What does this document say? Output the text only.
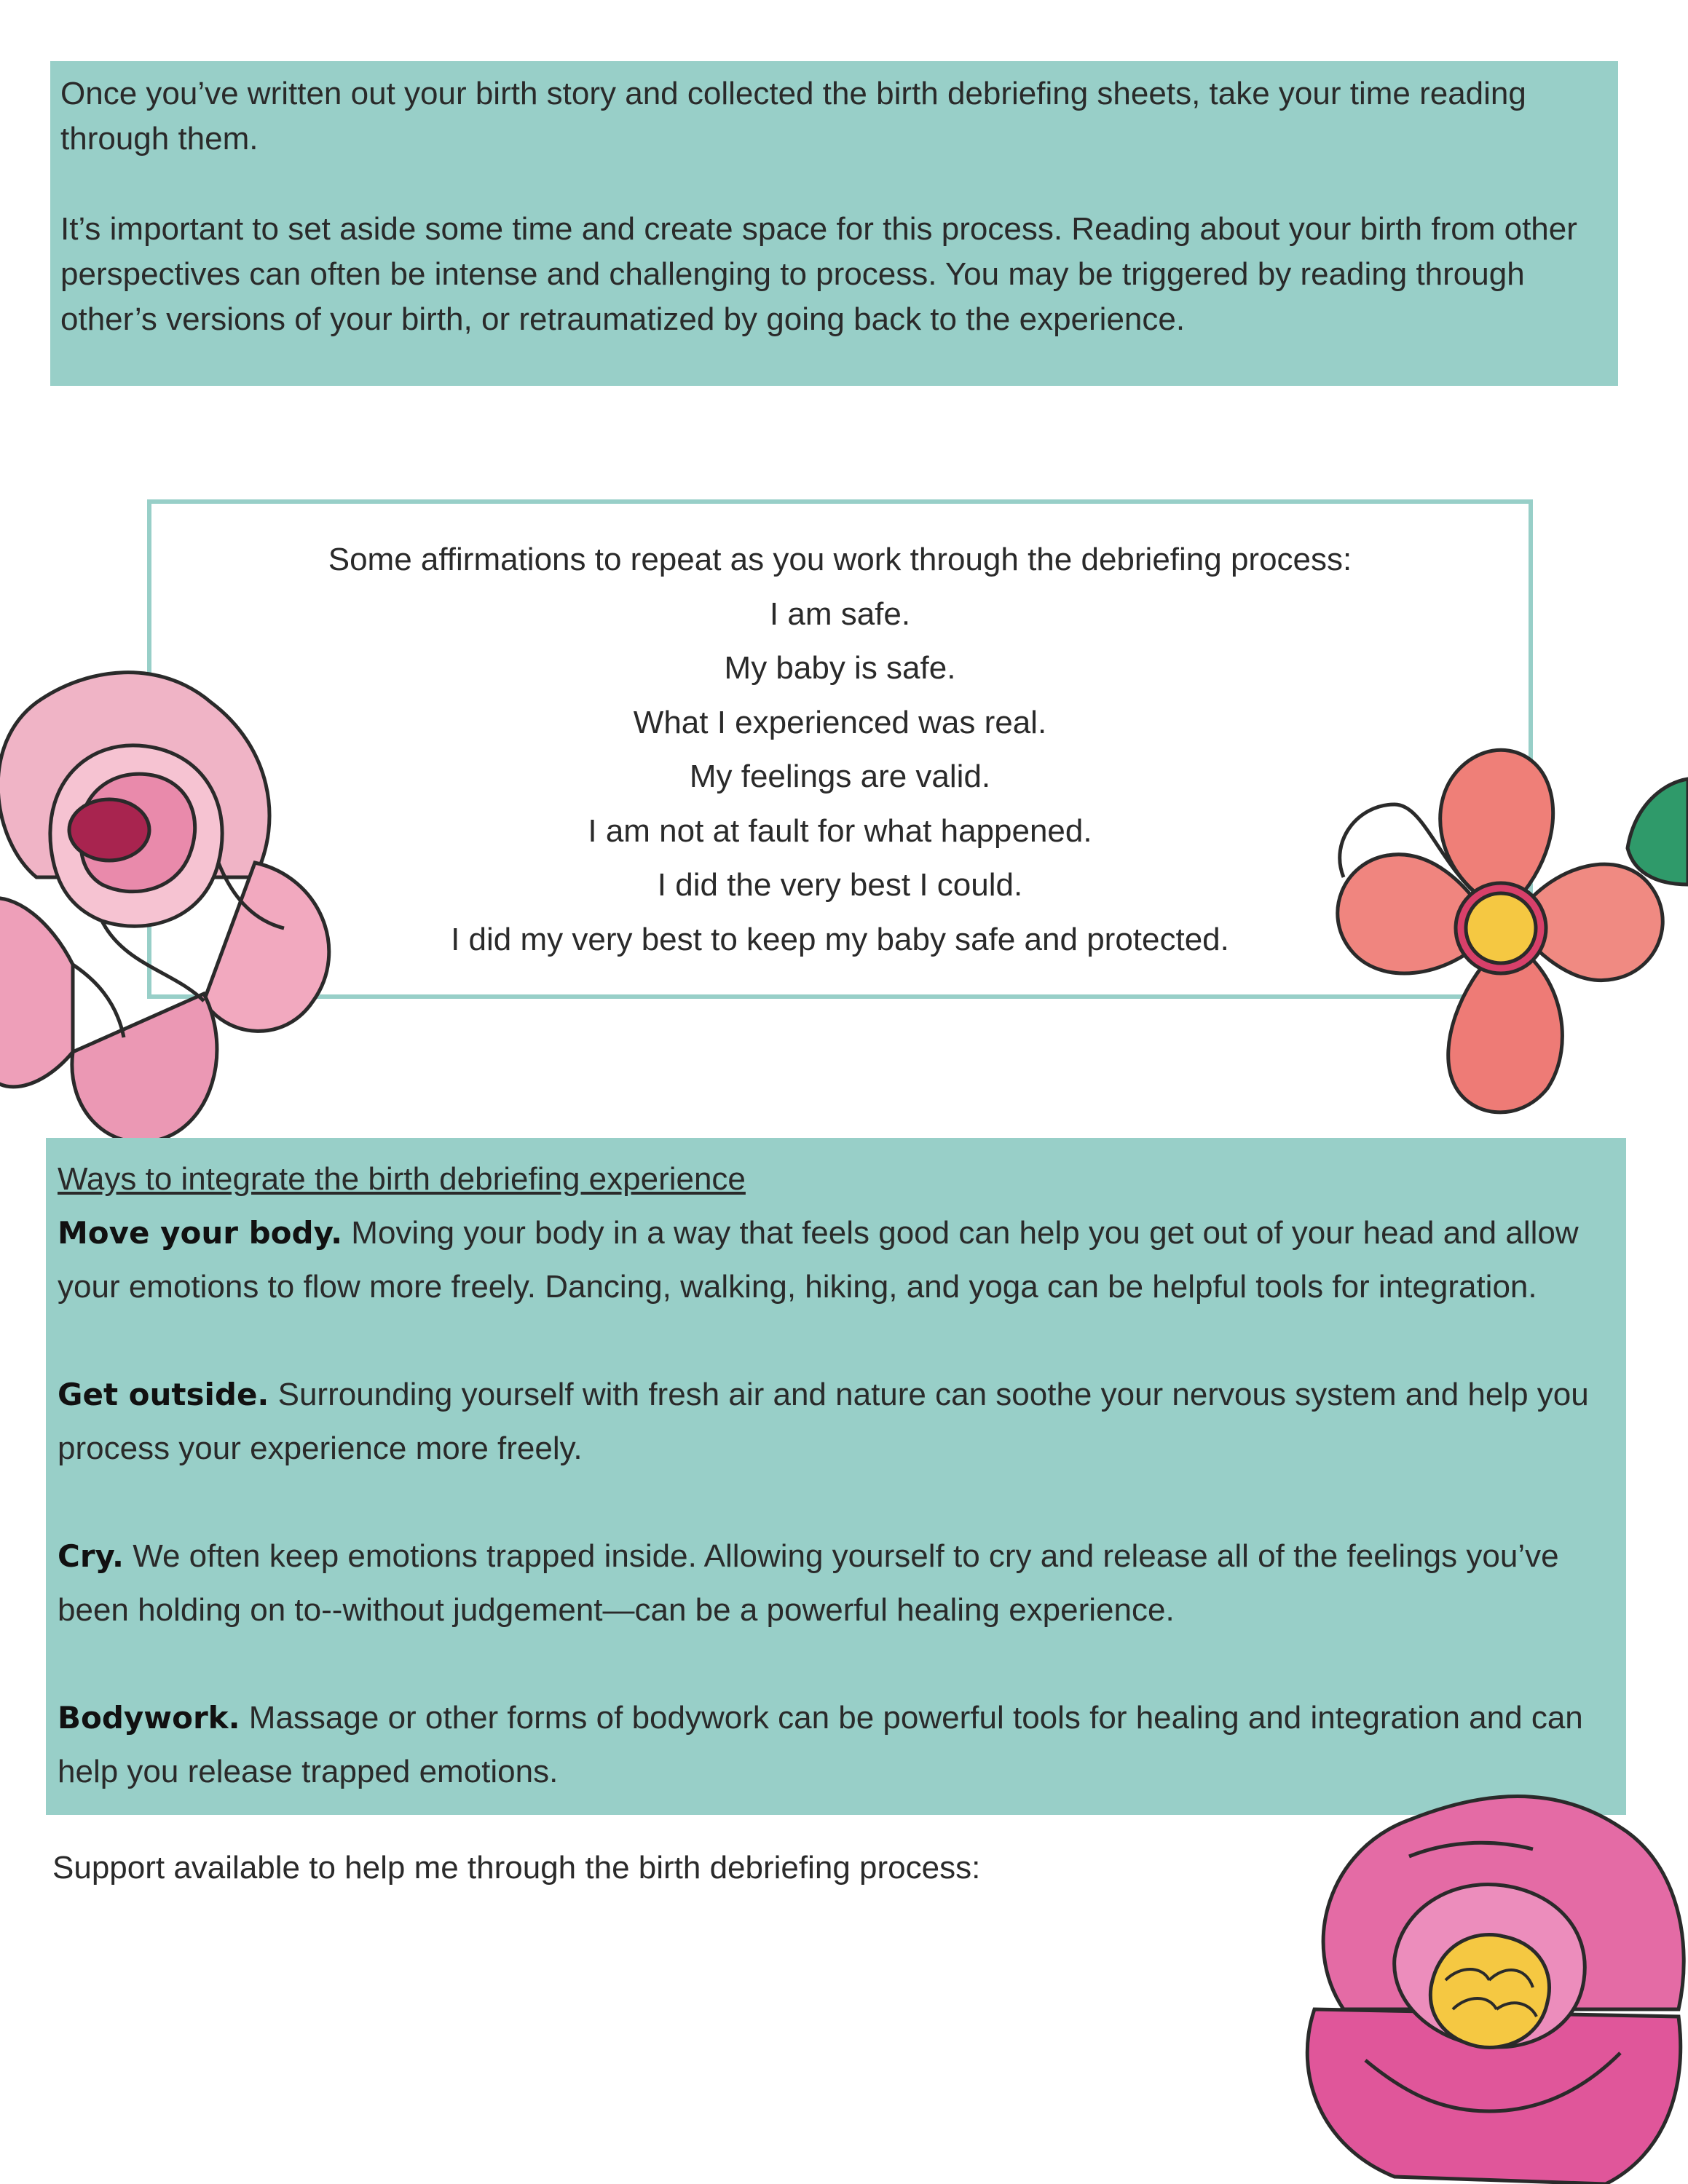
Once you’ve written out your birth story and collected the birth debriefing sheets, take your time reading through them.

It’s important to set aside some time and create space for this process. Reading about your birth from other perspectives can often be intense and challenging to process. You may be triggered by reading through other’s versions of your birth, or retraumatized by going back to the experience.

Some affirmations to repeat as you work through the debriefing process:

I am safe.

My baby is safe.

What I experienced was real.

My feelings are valid.

I am not at fault for what happened.

I did the very best I could.

I did my very best to keep my baby safe and protected.

Ways to integrate the birth debriefing experience

Move your body. Moving your body in a way that feels good can help you get out of your head and allow your emotions to flow more freely. Dancing, walking, hiking, and yoga can be helpful tools for integration.

Get outside. Surrounding yourself with fresh air and nature can soothe your nervous system and help you process your experience more freely.

Cry. We often keep emotions trapped inside. Allowing yourself to cry and release all of the feelings you’ve been holding on to--without judgement—can be a powerful healing experience.

Bodywork. Massage or other forms of bodywork can be powerful tools for healing and integration and can help you release trapped emotions.

Support available to help me through the birth debriefing process:
